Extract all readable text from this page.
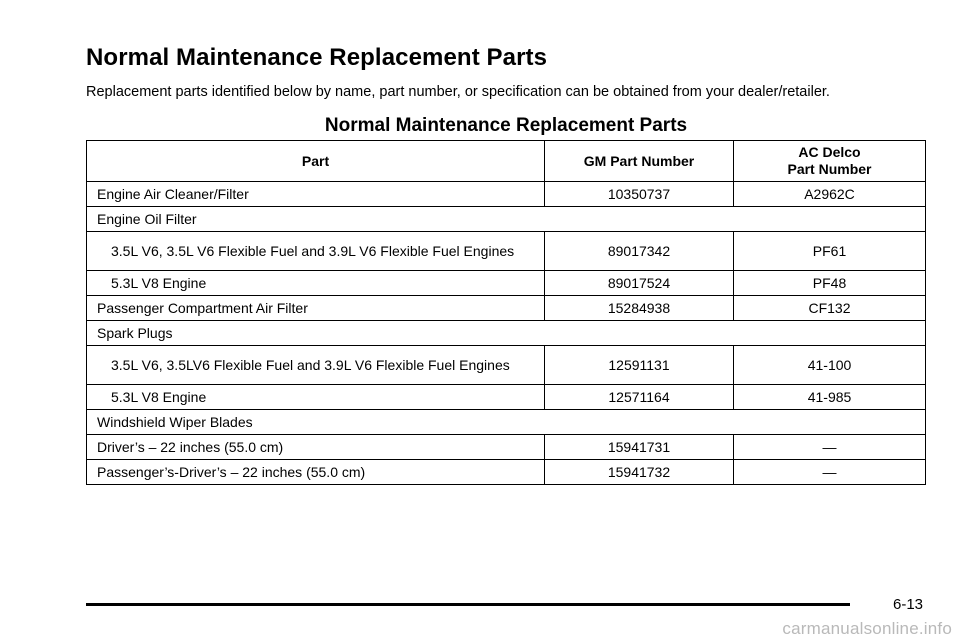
Normal Maintenance Replacement Parts
Replacement parts identified below by name, part number, or specification can be obtained from your dealer/retailer.
Normal Maintenance Replacement Parts
Part	GM Part Number	AC Delco
Part Number
Engine Air Cleaner/Filter	10350737	A2962C
Engine Oil Filter		
3.5L V6, 3.5L V6 Flexible Fuel and 3.9L V6 Flexible Fuel Engines	89017342	PF61
5.3L V8 Engine	89017524	PF48
Passenger Compartment Air Filter	15284938	CF132
Spark Plugs		
3.5L V6, 3.5LV6 Flexible Fuel and 3.9L V6 Flexible Fuel Engines	12591131	41-100
5.3L V8 Engine	12571164	41-985
Windshield Wiper Blades		
Driver’s – 22 inches (55.0 cm)	15941731	—
Passenger’s-Driver’s – 22 inches (55.0 cm)	15941732	—
6-13
carmanualsonline.info
